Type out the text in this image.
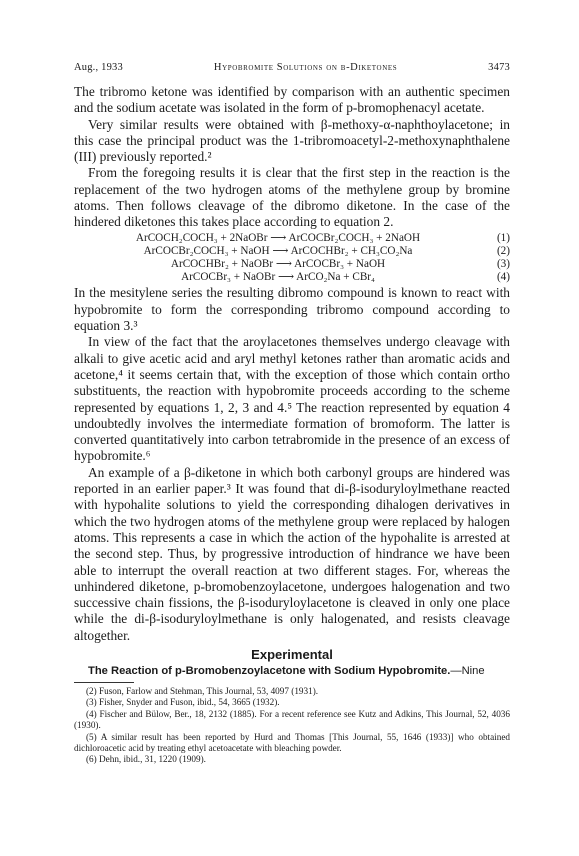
Aug., 1933	Hypobromite Solutions on β-Diketones	3473

The tribromo ketone was identified by comparison with an authentic specimen and the sodium acetate was isolated in the form of p-bromophenacyl acetate.

Very similar results were obtained with β-methoxy-α-naphthoylacetone; in this case the principal product was the 1-tribromoacetyl-2-methoxynaphthalene (III) previously reported.²

From the foregoing results it is clear that the first step in the reaction is the replacement of the two hydrogen atoms of the methylene group by bromine atoms. Then follows cleavage of the dibromo diketone. In the case of the hindered diketones this takes place according to equation 2.

ArCOCH₂COCH₃ + 2NaOBr ⟶ ArCOCBr₂COCH₃ + 2NaOH	(1)
ArCOCBr₂COCH₃ + NaOH ⟶ ArCOCHBr₂ + CH₃CO₂Na	(2)
ArCOCHBr₂ + NaOBr ⟶ ArCOCBr₃ + NaOH	(3)
ArCOCBr₃ + NaOBr ⟶ ArCO₂Na + CBr₄	(4)

In the mesitylene series the resulting dibromo compound is known to react with hypobromite to form the corresponding tribromo compound according to equation 3.³

In view of the fact that the aroylacetones themselves undergo cleavage with alkali to give acetic acid and aryl methyl ketones rather than aromatic acids and acetone,⁴ it seems certain that, with the exception of those which contain ortho substituents, the reaction with hypobromite proceeds according to the scheme represented by equations 1, 2, 3 and 4.⁵ The reaction represented by equation 4 undoubtedly involves the intermediate formation of bromoform. The latter is converted quantitatively into carbon tetrabromide in the presence of an excess of hypobromite.⁶

An example of a β-diketone in which both carbonyl groups are hindered was reported in an earlier paper.³ It was found that di-β-isoduryloylmethane reacted with hypohalite solutions to yield the corresponding dihalogen derivatives in which the two hydrogen atoms of the methylene group were replaced by halogen atoms. This represents a case in which the action of the hypohalite is arrested at the second step. Thus, by progressive introduction of hindrance we have been able to interrupt the overall reaction at two different stages. For, whereas the unhindered diketone, p-bromobenzoylacetone, undergoes halogenation and two successive chain fissions, the β-isoduryloylacetone is cleaved in only one place while the di-β-isoduryloylmethane is only halogenated, and resists cleavage altogether.

Experimental
The Reaction of p-Bromobenzoylacetone with Sodium Hypobromite.—Nine
(2) Fuson, Farlow and Stehman, This Journal, 53, 4097 (1931).
(3) Fisher, Snyder and Fuson, ibid., 54, 3665 (1932).
(4) Fischer and Bülow, Ber., 18, 2132 (1885). For a recent reference see Kutz and Adkins, This Journal, 52, 4036 (1930).
(5) A similar result has been reported by Hurd and Thomas [This Journal, 55, 1646 (1933)] who obtained dichloroacetic acid by treating ethyl acetoacetate with bleaching powder.
(6) Dehn, ibid., 31, 1220 (1909).
